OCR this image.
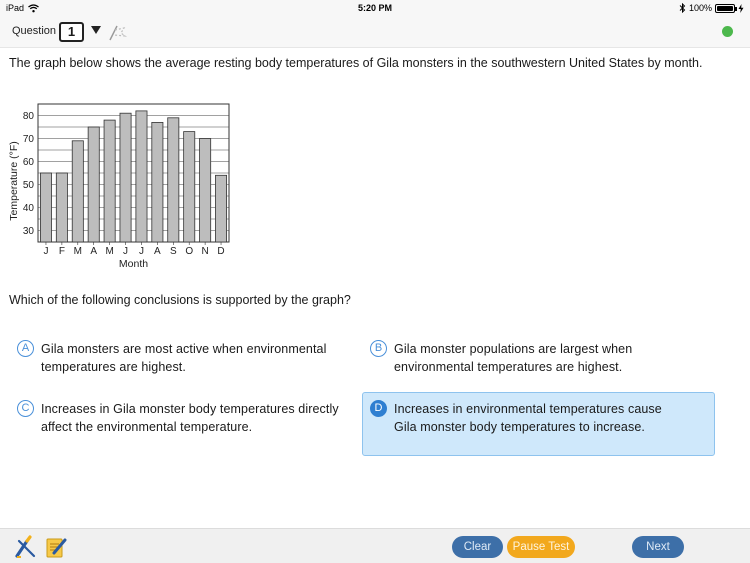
iPad	5:20 PM	100%
Question 1

The graph below shows the average resting body temperatures of Gila monsters in the southwestern United States by month.

30
40
50
60
70
80
J F M A M J J A S O N D
Month
Temperature (°F)

Which of the following conclusions is supported by the graph?

A Gila monsters are most active when environmental temperatures are highest.
B Gila monster populations are largest when environmental temperatures are highest.
C Increases in Gila monster body temperatures directly affect the environmental temperature.
D Increases in environmental temperatures cause Gila monster body temperatures to increase.
Clear	Pause Test	Next
